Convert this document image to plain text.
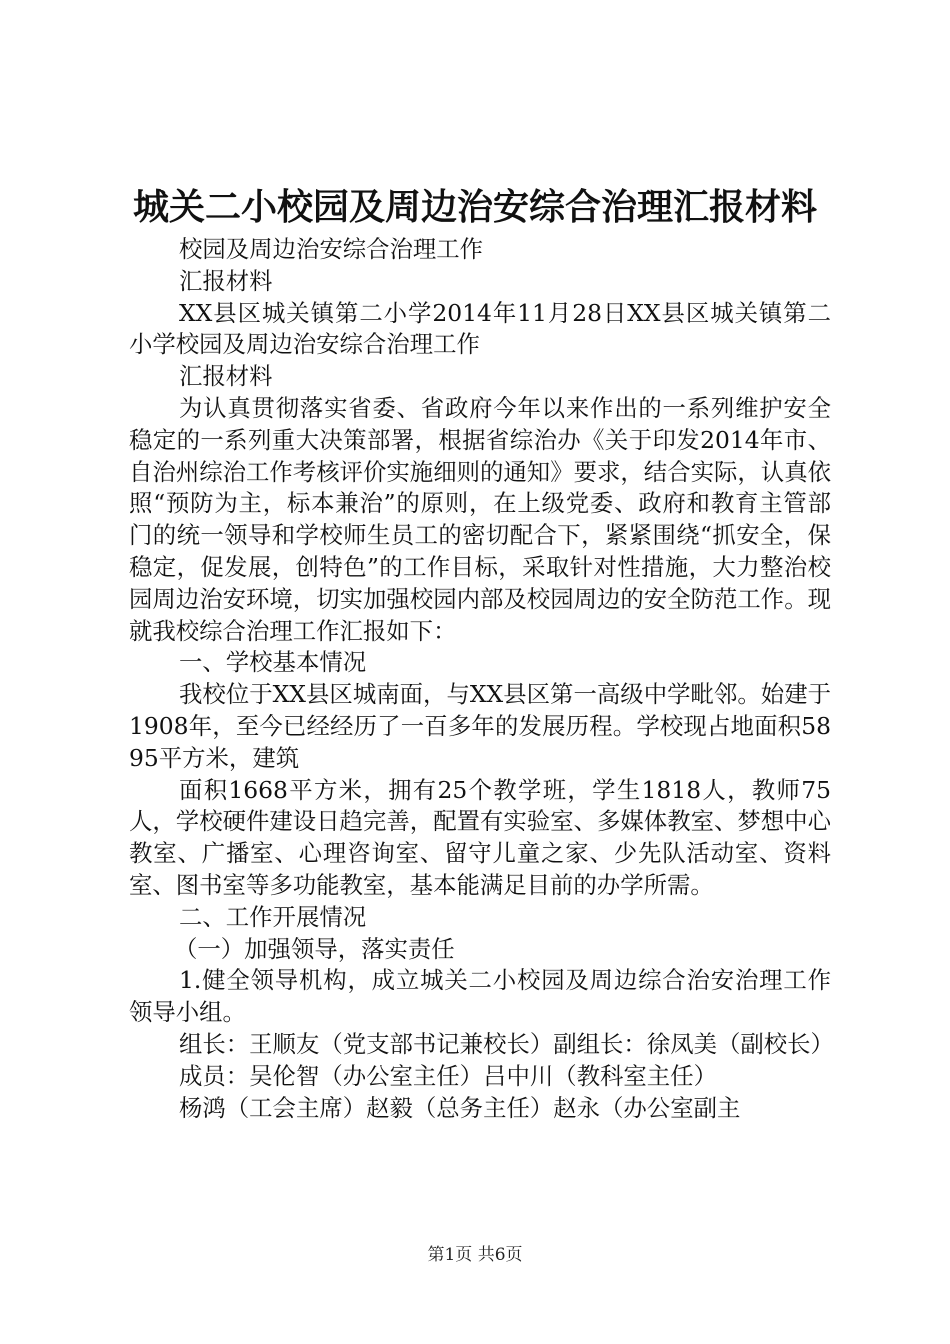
城关二小校园及周边治安综合治理汇报材料

校园及周边治安综合治理工作

汇报材料

XX县区城关镇第二小学2014年11月28日XX县区城关镇第二小学校园及周边治安综合治理工作

汇报材料

为认真贯彻落实省委、省政府今年以来作出的一系列维护安全稳定的一系列重大决策部署，根据省综治办《关于印发2014年市、自治州综治工作考核评价实施细则的通知》要求，结合实际，认真依照“预防为主，标本兼治”的原则，在上级党委、政府和教育主管部门的统一领导和学校师生员工的密切配合下，紧紧围绕“抓安全，保稳定，促发展，创特色”的工作目标，采取针对性措施，大力整治校园周边治安环境，切实加强校园内部及校园周边的安全防范工作。现就我校综合治理工作汇报如下：

一、学校基本情况

我校位于XX县区城南面，与XX县区第一高级中学毗邻。始建于1908年，至今已经经历了一百多年的发展历程。学校现占地面积5895平方米，建筑

面积1668平方米，拥有25个教学班，学生1818人，教师75人，学校硬件建设日趋完善，配置有实验室、多媒体教室、梦想中心教室、广播室、心理咨询室、留守儿童之家、少先队活动室、资料室、图书室等多功能教室，基本能满足目前的办学所需。

二、工作开展情况

（一）加强领导，落实责任

1.健全领导机构，成立城关二小校园及周边综合治安治理工作领导小组。

组长：王顺友（党支部书记兼校长）副组长：徐凤美（副校长）

成员：吴伦智（办公室主任）吕中川（教科室主任）

杨鸿（工会主席）赵毅（总务主任）赵永（办公室副主

第1页 共6页
